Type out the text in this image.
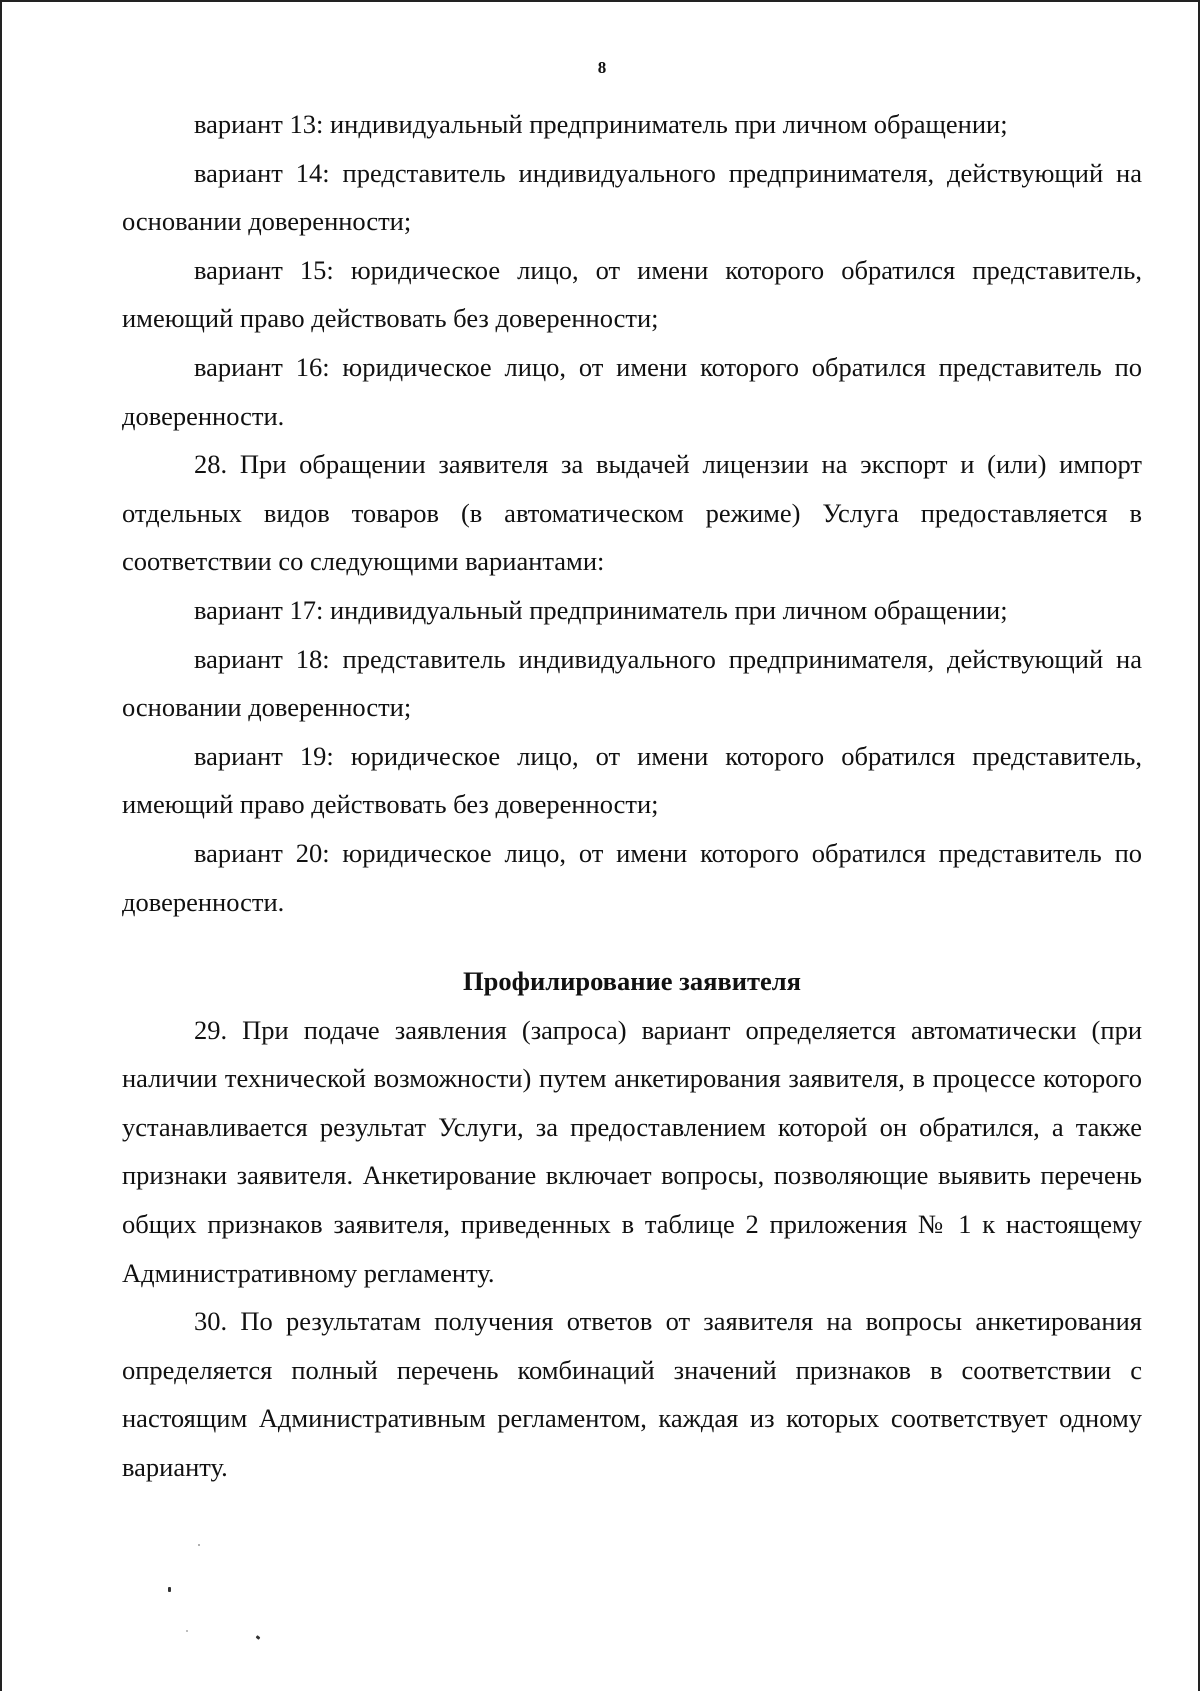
8

вариант 13: индивидуальный предприниматель при личном обращении;

вариант 14: представитель индивидуального предпринимателя, действующий на основании доверенности;

вариант 15: юридическое лицо, от имени которого обратился представитель, имеющий право действовать без доверенности;

вариант 16: юридическое лицо, от имени которого обратился представитель по доверенности.

28. При обращении заявителя за выдачей лицензии на экспорт и (или) импорт отдельных видов товаров (в автоматическом режиме) Услуга предоставляется в соответствии со следующими вариантами:

вариант 17: индивидуальный предприниматель при личном обращении;

вариант 18: представитель индивидуального предпринимателя, действующий на основании доверенности;

вариант 19: юридическое лицо, от имени которого обратился представитель, имеющий право действовать без доверенности;

вариант 20: юридическое лицо, от имени которого обратился представитель по доверенности.

Профилирование заявителя

29. При подаче заявления (запроса) вариант определяется автоматически (при наличии технической возможности) путем анкетирования заявителя, в процессе которого устанавливается результат Услуги, за предоставлением которой он обратился, а также признаки заявителя. Анкетирование включает вопросы, позволяющие выявить перечень общих признаков заявителя, приведенных в таблице 2 приложения № 1 к настоящему Административному регламенту.

30. По результатам получения ответов от заявителя на вопросы анкетирования определяется полный перечень комбинаций значений признаков в соответствии с настоящим Административным регламентом, каждая из которых соответствует одному варианту.
